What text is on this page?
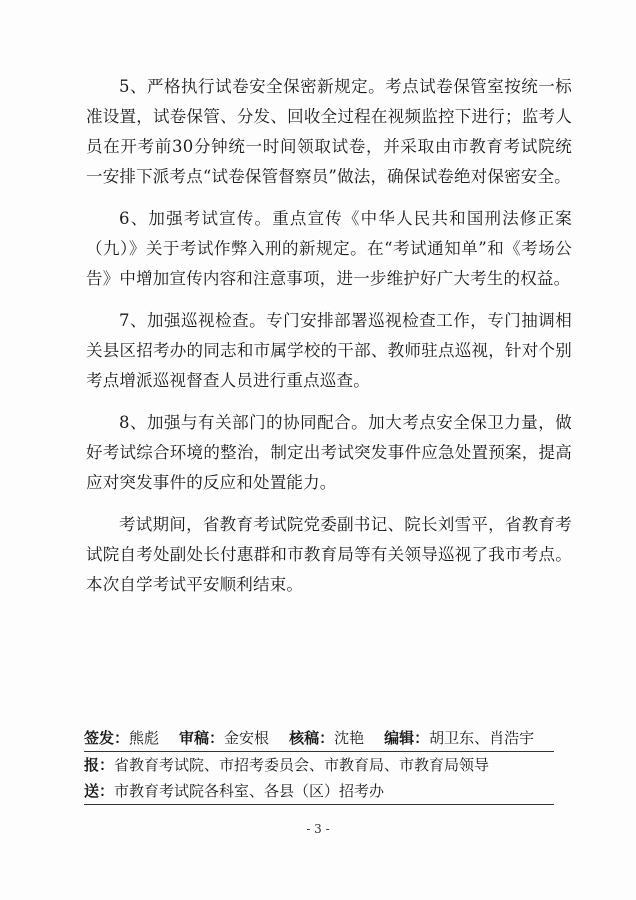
5、严格执行试卷安全保密新规定。考点试卷保管室按统一标准设置，试卷保管、分发、回收全过程在视频监控下进行；监考人员在开考前30分钟统一时间领取试卷，并采取由市教育考试院统一安排下派考点“试卷保管督察员”做法，确保试卷绝对保密安全。

6、加强考试宣传。重点宣传《中华人民共和国刑法修正案（九）》关于考试作弊入刑的新规定。在“考试通知单”和《考场公告》中增加宣传内容和注意事项，进一步维护好广大考生的权益。

7、加强巡视检查。专门安排部署巡视检查工作，专门抽调相关县区招考办的同志和市属学校的干部、教师驻点巡视，针对个别考点增派巡视督查人员进行重点巡查。

8、加强与有关部门的协同配合。加大考点安全保卫力量，做好考试综合环境的整治，制定出考试突发事件应急处置预案，提高应对突发事件的反应和处置能力。

考试期间，省教育考试院党委副书记、院长刘雪平，省教育考试院自考处副处长付惠群和市教育局等有关领导巡视了我市考点。本次自学考试平安顺利结束。

签发：熊彪 审稿：金安根 核稿：沈艳 编辑：胡卫东、肖浩宇
报：省教育考试院、市招考委员会、市教育局、市教育局领导
送：市教育考试院各科室、各县（区）招考办
- 3 -
